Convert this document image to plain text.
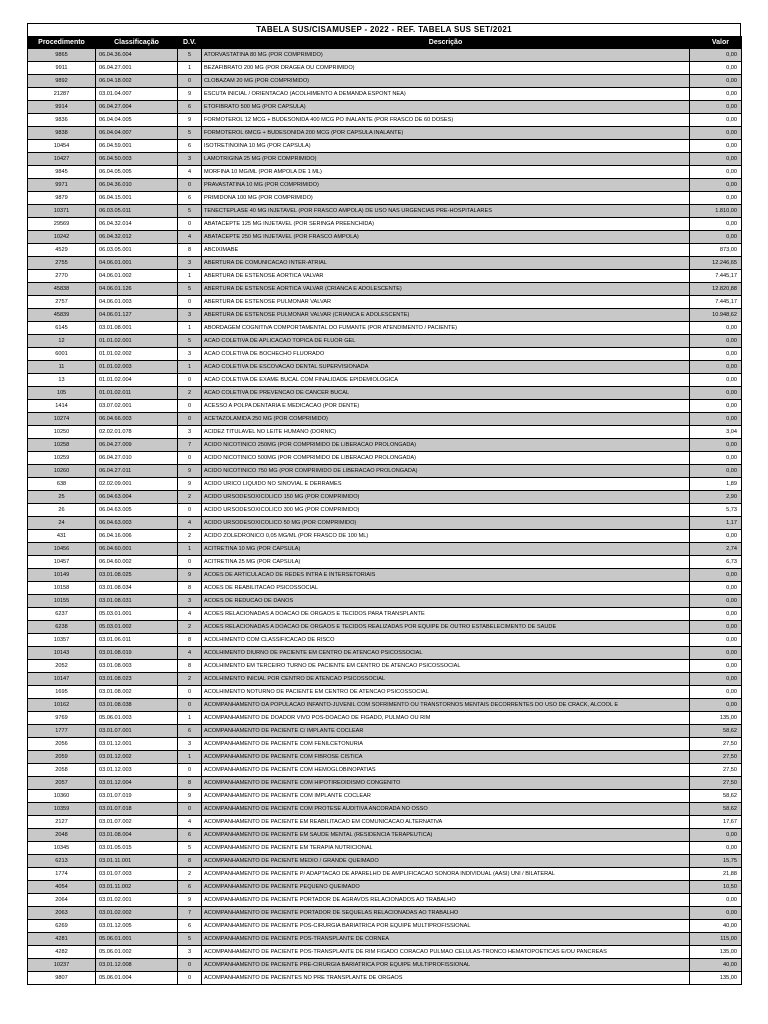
TABELA SUS/CISAMUSEP - 2022 - REF. TABELA SUS SET/2021
Procedimento	Classificação	D.V.	Descrição	Valor
9865	06.04.36.004	5	ATORVASTATINA 80 MG (POR COMPRIMIDO)	0,00
9911	06.04.27.001	1	BEZAFIBRATO 200 MG (POR DRAGEA OU COMPRIMIDO)	0,00
9892	06.04.18.002	0	CLOBAZAM 20 MG (POR COMPRIMIDO)	0,00
21287	03.01.04.007	9	ESCUTA INICIAL / ORIENTACAO (ACOLHIMENTO A DEMANDA ESPONT NEA)	0,00
9914	06.04.27.004	6	ETOFIBRATO 500 MG (POR CAPSULA)	0,00
9836	06.04.04.005	9	FORMOTEROL 12 MCG + BUDESONIDA 400 MCG PO INALANTE (POR FRASCO DE 60 DOSES)	0,00
9838	06.04.04.007	5	FORMOTEROL 6MCG + BUDESONIDA 200 MCG (POR CAPSULA INALANTE)	0,00
10454	06.04.59.001	6	ISOTRETINOINA 10 MG (POR CAPSULA)	0,00
10427	06.04.50.003	3	LAMOTRIGINA 25 MG (POR COMPRIMIDO)	0,00
9845	06.04.05.005	4	MORFINA 10 MG/ML (POR AMPOLA DE 1 ML)	0,00
9971	06.04.36.010	0	PRAVASTATINA 10 MG (POR COMPRIMIDO)	0,00
9879	06.04.15.001	6	PRIMIDONA 100 MG (POR COMPRIMIDO)	0,00
10371	06.03.05.011	5	TENECTEPLASE 40 MG INJETAVEL (POR FRASCO AMPOLA) DE USO NAS URGENCIAS PRE-HOSPITALARES	1.810,00
29569	06.04.32.014	0	ABATACEPTE 125 MG INJETAVEL (POR SERINGA PREENCHIDA)	0,00
10242	06.04.32.012	4	ABATACEPTE 250 MG INJETAVEL (POR FRASCO AMPOLA)	0,00
4529	06.03.05.001	8	ABCIXIMABE	873,00
2755	04.06.01.001	3	ABERTURA DE COMUNICACAO INTER-ATRIAL	12.246,65
2770	04.06.01.002	1	ABERTURA DE ESTENOSE AORTICA VALVAR	7.445,17
45838	04.06.01.126	5	ABERTURA DE ESTENOSE AORTICA VALVAR (CRIANCA E ADOLESCENTE)	12.820,88
2757	04.06.01.003	0	ABERTURA DE ESTENOSE PULMONAR VALVAR	7.445,17
45839	04.06.01.127	3	ABERTURA DE ESTENOSE PULMONAR VALVAR (CRIANCA E ADOLESCENTE)	10.948,62
6145	03.01.08.001	1	ABORDAGEM COGNITIVA COMPORTAMENTAL DO FUMANTE (POR ATENDIMENTO / PACIENTE)	0,00
12	01.01.02.001	5	ACAO COLETIVA DE APLICACAO TOPICA DE FLUOR GEL	0,00
6001	01.01.02.002	3	ACAO COLETIVA DE BOCHECHO FLUORADO	0,00
11	01.01.02.003	1	ACAO COLETIVA DE ESCOVACAO DENTAL SUPERVISIONADA	0,00
13	01.01.02.004	0	ACAO COLETIVA DE EXAME BUCAL COM FINALIDADE EPIDEMIOLOGICA	0,00
105	01.01.02.011	2	ACAO COLETIVA DE PREVENCAO DE CANCER BUCAL	0,00
1414	03.07.02.001	0	ACESSO A POLPA DENTARIA E MEDICACAO (POR DENTE)	0,00
10274	06.04.66.003	0	ACETAZOLAMIDA 250 MG (POR COMPRIMIDO)	0,00
10250	02.02.01.078	3	ACIDEZ TITULAVEL NO LEITE HUMANO (DORNIC)	3,04
10258	06.04.27.009	7	ACIDO NICOTINICO 250MG (POR COMPRIMIDO DE LIBERACAO PROLONGADA)	0,00
10259	06.04.27.010	0	ACIDO NICOTINICO 500MG (POR COMPRIMIDO DE LIBERACAO PROLONGADA)	0,00
10260	06.04.27.011	9	ACIDO NICOTINICO 750 MG (POR COMPRIMIDO DE LIBERACAO PROLONGADA)	0,00
638	02.02.09.001	9	ACIDO URICO LIQUIDO NO SINOVIAL E DERRAMES	1,89
25	06.04.63.004	2	ACIDO URSODESOXICOLICO 150 MG (POR COMPRIMIDO)	2,90
26	06.04.63.005	0	ACIDO URSODESOXICOLICO 300 MG (POR COMPRIMIDO)	5,73
24	06.04.63.003	4	ACIDO URSODESOXICOLICO 50 MG (POR COMPRIMIDO)	1,17
431	06.04.16.006	2	ACIDO ZOLEDRONICO 0,05 MG/ML (POR FRASCO DE 100 ML)	0,00
10456	06.04.60.001	1	ACITRETINA 10 MG (POR CAPSULA)	2,74
10457	06.04.60.002	0	ACITRETINA 25 MG (POR CAPSULA)	6,73
10149	03.01.08.025	9	ACOES DE ARTICULACAO DE REDES INTRA E INTERSETORIAIS	0,00
10158	03.01.08.034	8	ACOES DE REABILITACAO PSICOSSOCIAL	0,00
10155	03.01.08.031	3	ACOES DE REDUCAO DE DANOS	0,00
6237	05.03.01.001	4	ACOES RELACIONADAS A DOACAO DE ORGAOS E TECIDOS PARA TRANSPLANTE	0,00
6238	05.03.01.002	2	ACOES RELACIONADAS A DOACAO DE ORGAOS E TECIDOS REALIZADAS POR EQUIPE DE OUTRO ESTABELECIMENTO DE SAUDE	0,00
10357	03.01.06.011	8	ACOLHIMENTO COM CLASSIFICACAO DE RISCO	0,00
10143	03.01.08.019	4	ACOLHIMENTO DIURNO DE PACIENTE EM CENTRO DE ATENCAO PSICOSSOCIAL	0,00
2052	03.01.08.003	8	ACOLHIMENTO EM TERCEIRO TURNO DE PACIENTE EM CENTRO DE ATENCAO PSICOSSOCIAL	0,00
10147	03.01.08.023	2	ACOLHIMENTO INICIAL POR CENTRO DE ATENCAO PSICOSSOCIAL	0,00
1695	03.01.08.002	0	ACOLHIMENTO NOTURNO DE PACIENTE EM CENTRO DE ATENCAO PSICOSSOCIAL	0,00
10162	03.01.08.038	0	ACOMPANHAMENTO DA POPULACAO INFANTO-JUVENIL COM SOFRIMENTO OU TRANSTORNOS MENTAIS DECORRENTES DO USO DE CRACK, ALCOOL E	0,00
9769	05.06.01.003	1	ACOMPANHAMENTO DE DOADOR VIVO POS-DOACAO DE FIGADO, PULMAO OU RIM	135,00
1777	03.01.07.001	6	ACOMPANHAMENTO DE PACIENTE C/ IMPLANTE COCLEAR	58,62
2056	03.01.12.001	3	ACOMPANHAMENTO DE PACIENTE COM FENILCETONURIA	27,50
2059	03.01.12.002	1	ACOMPANHAMENTO DE PACIENTE COM FIBROSE CISTICA	27,50
2058	03.01.12.003	0	ACOMPANHAMENTO DE PACIENTE COM HEMOGLOBINOPATIAS	27,50
2057	03.01.12.004	8	ACOMPANHAMENTO DE PACIENTE COM HIPOTIREOIDISMO CONGENITO	27,50
10360	03.01.07.019	9	ACOMPANHAMENTO DE PACIENTE COM IMPLANTE COCLEAR	58,62
10359	03.01.07.018	0	ACOMPANHAMENTO DE PACIENTE COM PROTESE AUDITIVA ANCORADA NO OSSO	58,62
2127	03.01.07.002	4	ACOMPANHAMENTO DE PACIENTE EM REABILITACAO EM COMUNICACAO ALTERNATIVA	17,67
2048	03.01.08.004	6	ACOMPANHAMENTO DE PACIENTE EM SAUDE MENTAL (RESIDENCIA TERAPEUTICA)	0,00
10345	03.01.05.015	5	ACOMPANHAMENTO DE PACIENTE EM TERAPIA NUTRICIONAL	0,00
6213	03.01.11.001	8	ACOMPANHAMENTO DE PACIENTE MEDIO / GRANDE QUEIMADO	15,75
1774	03.01.07.003	2	ACOMPANHAMENTO DE PACIENTE P/ ADAPTACAO DE APARELHO DE AMPLIFICACAO SONORA INDIVIDUAL (AASI) UNI / BILATERAL	21,88
4054	03.01.11.002	6	ACOMPANHAMENTO DE PACIENTE PEQUENO QUEIMADO	10,50
2064	03.01.02.001	9	ACOMPANHAMENTO DE PACIENTE PORTADOR DE AGRAVOS RELACIONADOS AO TRABALHO	0,00
2063	03.01.02.002	7	ACOMPANHAMENTO DE PACIENTE PORTADOR DE SEQUELAS RELACIONADAS AO TRABALHO	0,00
6269	03.01.12.005	6	ACOMPANHAMENTO DE PACIENTE POS-CIRURGIA BARIATRICA POR EQUIPE MULTIPROFISSIONAL	40,00
4281	05.06.01.001	5	ACOMPANHAMENTO DE PACIENTE POS-TRANSPLANTE DE CORNEA	115,00
4282	05.06.01.002	3	ACOMPANHAMENTO DE PACIENTE POS-TRANSPLANTE DE RIM FIGADO CORACAO PULMAO CELULAS-TRONCO HEMATOPOETICAS E/OU PANCREAS	135,00
10237	03.01.12.008	0	ACOMPANHAMENTO DE PACIENTE PRE-CIRURGIA BARIATRICA POR EQUIPE MULTIPROFISSIONAL	40,00
9807	05.06.01.004	0	ACOMPANHAMENTO DE PACIENTES NO PRE TRANSPLANTE DE ORGAOS	135,00
